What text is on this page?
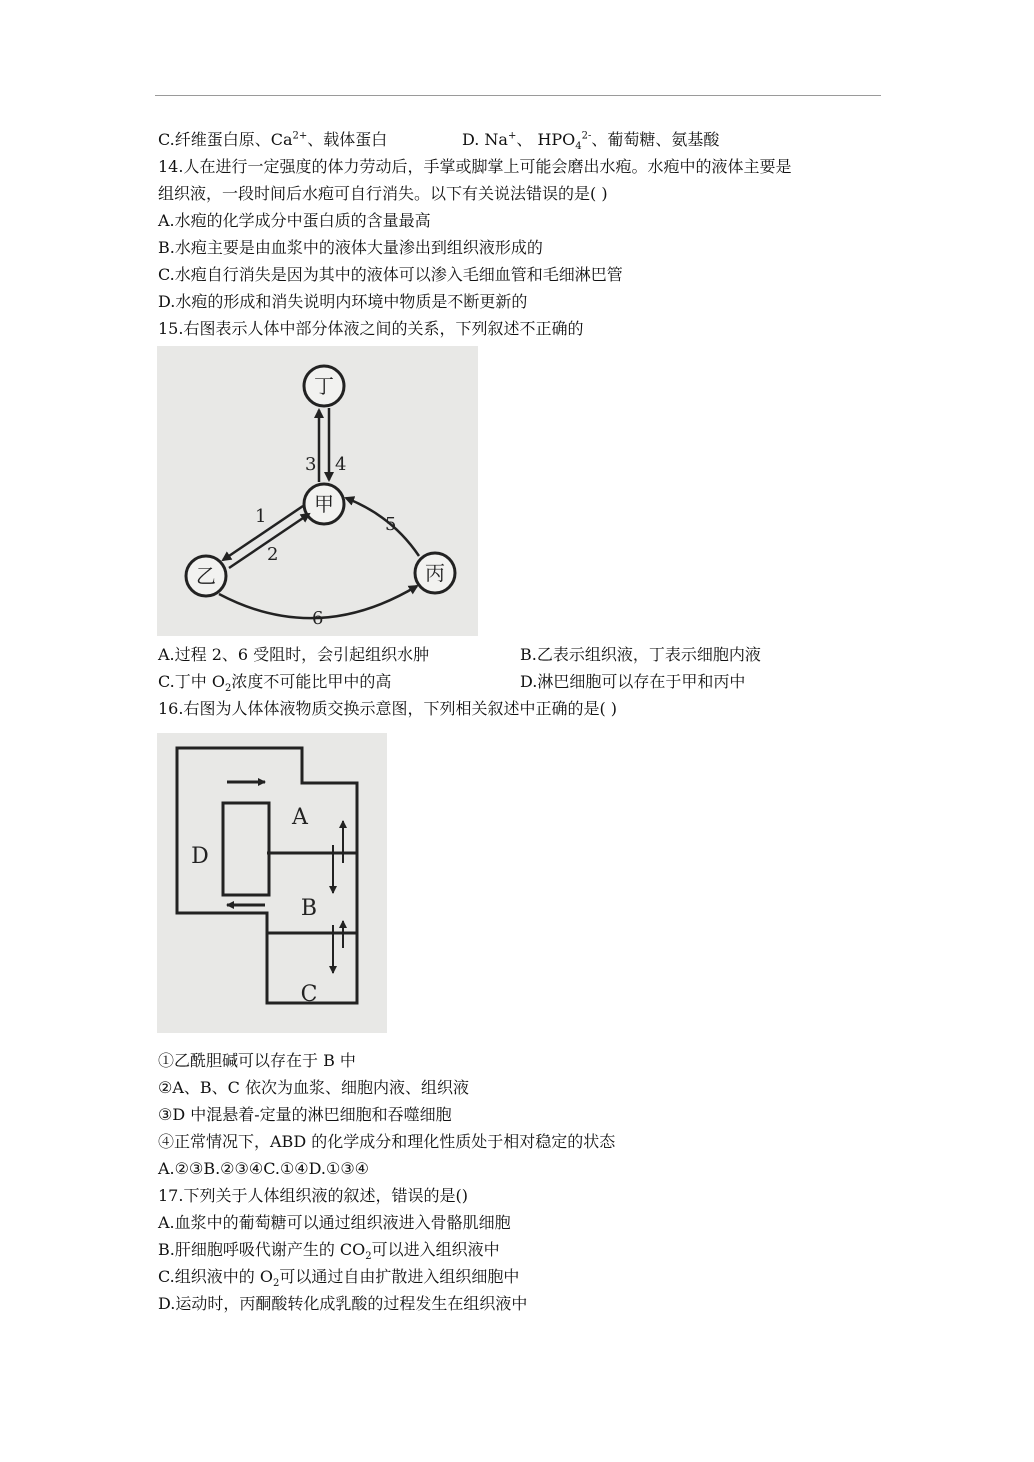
C.纤维蛋白原、$Ca^{2+}$、载体蛋白	D. Na+、 $HPO_4^{2-}$、葡萄糖、氨基酸
14.人在进行一定强度的体力劳动后，手掌或脚掌上可能会磨出水疱。水疱中的液体主要是
组织液，一段时间后水疱可自行消失。以下有关说法错误的是( )
A.水疱的化学成分中蛋白质的含量最高
B.水疱主要是由血浆中的液体大量渗出到组织液形成的
C.水疱自行消失是因为其中的液体可以渗入毛细血管和毛细淋巴管
D.水疱的形成和消失说明内环境中物质是不断更新的
15.右图表示人体中部分体液之间的关系，下列叙述不正确的
丁
甲
乙	丙
3 4
1
2
5
6
A.过程 2、6 受阻时，会引起组织水肿	B.乙表示组织液，丁表示细胞内液
C.丁中 $O_2$浓度不可能比甲中的高	D.淋巴细胞可以存在于甲和丙中
16.右图为人体体液物质交换示意图，下列相关叙述中正确的是( )
A
B
C
D
①乙酰胆碱可以存在于 B 中
②A、B、C 依次为血浆、细胞内液、组织液
③D 中混悬着-定量的淋巴细胞和吞噬细胞
④正常情况下，ABD 的化学成分和理化性质处于相对稳定的状态
A.②③B.②③④C.①④D.①③④
17.下列关于人体组织液的叙述，错误的是()
A.血浆中的葡萄糖可以通过组织液进入骨骼肌细胞
B.肝细胞呼吸代谢产生的 $CO_2$可以进入组织液中
C.组织液中的 $O_2$可以通过自由扩散进入组织细胞中
D.运动时，丙酮酸转化成乳酸的过程发生在组织液中
